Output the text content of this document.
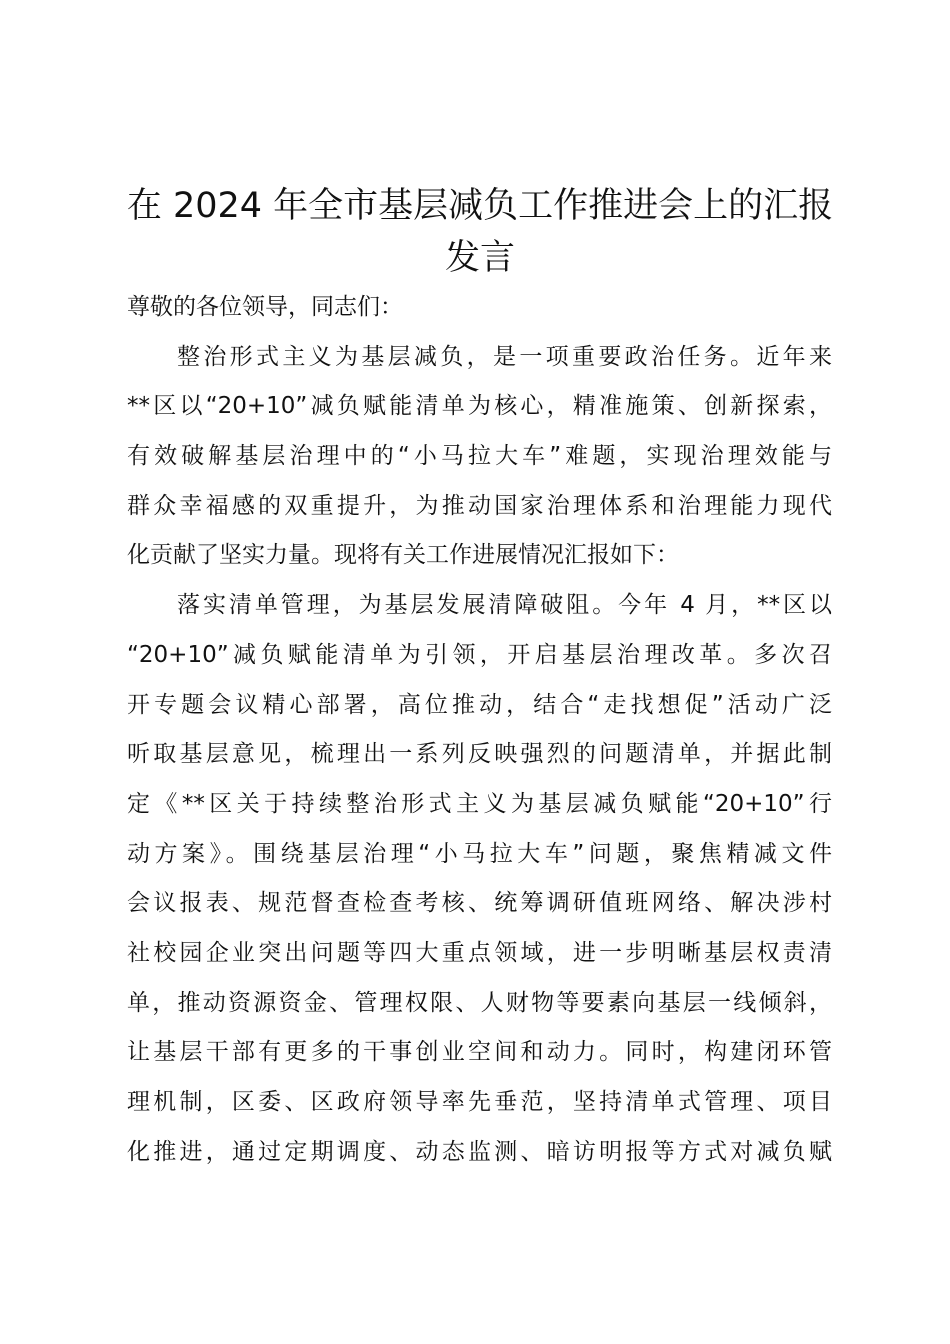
在 2024 年全市基层减负工作推进会上的汇报
发言
尊敬的各位领导，同志们：
整治形式主义为基层减负，是一项重要政治任务。近年来
**区以“20+10”减负赋能清单为核心，精准施策、创新探索，
有效破解基层治理中的“小马拉大车”难题，实现治理效能与
群众幸福感的双重提升，为推动国家治理体系和治理能力现代
化贡献了坚实力量。现将有关工作进展情况汇报如下：
落实清单管理，为基层发展清障破阻。今年 4 月，**区以
“20+10”减负赋能清单为引领，开启基层治理改革。多次召
开专题会议精心部署，高位推动，结合“走找想促”活动广泛
听取基层意见，梳理出一系列反映强烈的问题清单，并据此制
定《**区关于持续整治形式主义为基层减负赋能“20+10”行
动方案》。围绕基层治理“小马拉大车”问题，聚焦精减文件
会议报表、规范督查检查考核、统筹调研值班网络、解决涉村
社校园企业突出问题等四大重点领域，进一步明晰基层权责清
单，推动资源资金、管理权限、人财物等要素向基层一线倾斜，
让基层干部有更多的干事创业空间和动力。同时，构建闭环管
理机制，区委、区政府领导率先垂范，坚持清单式管理、项目
化推进，通过定期调度、动态监测、暗访明报等方式对减负赋
